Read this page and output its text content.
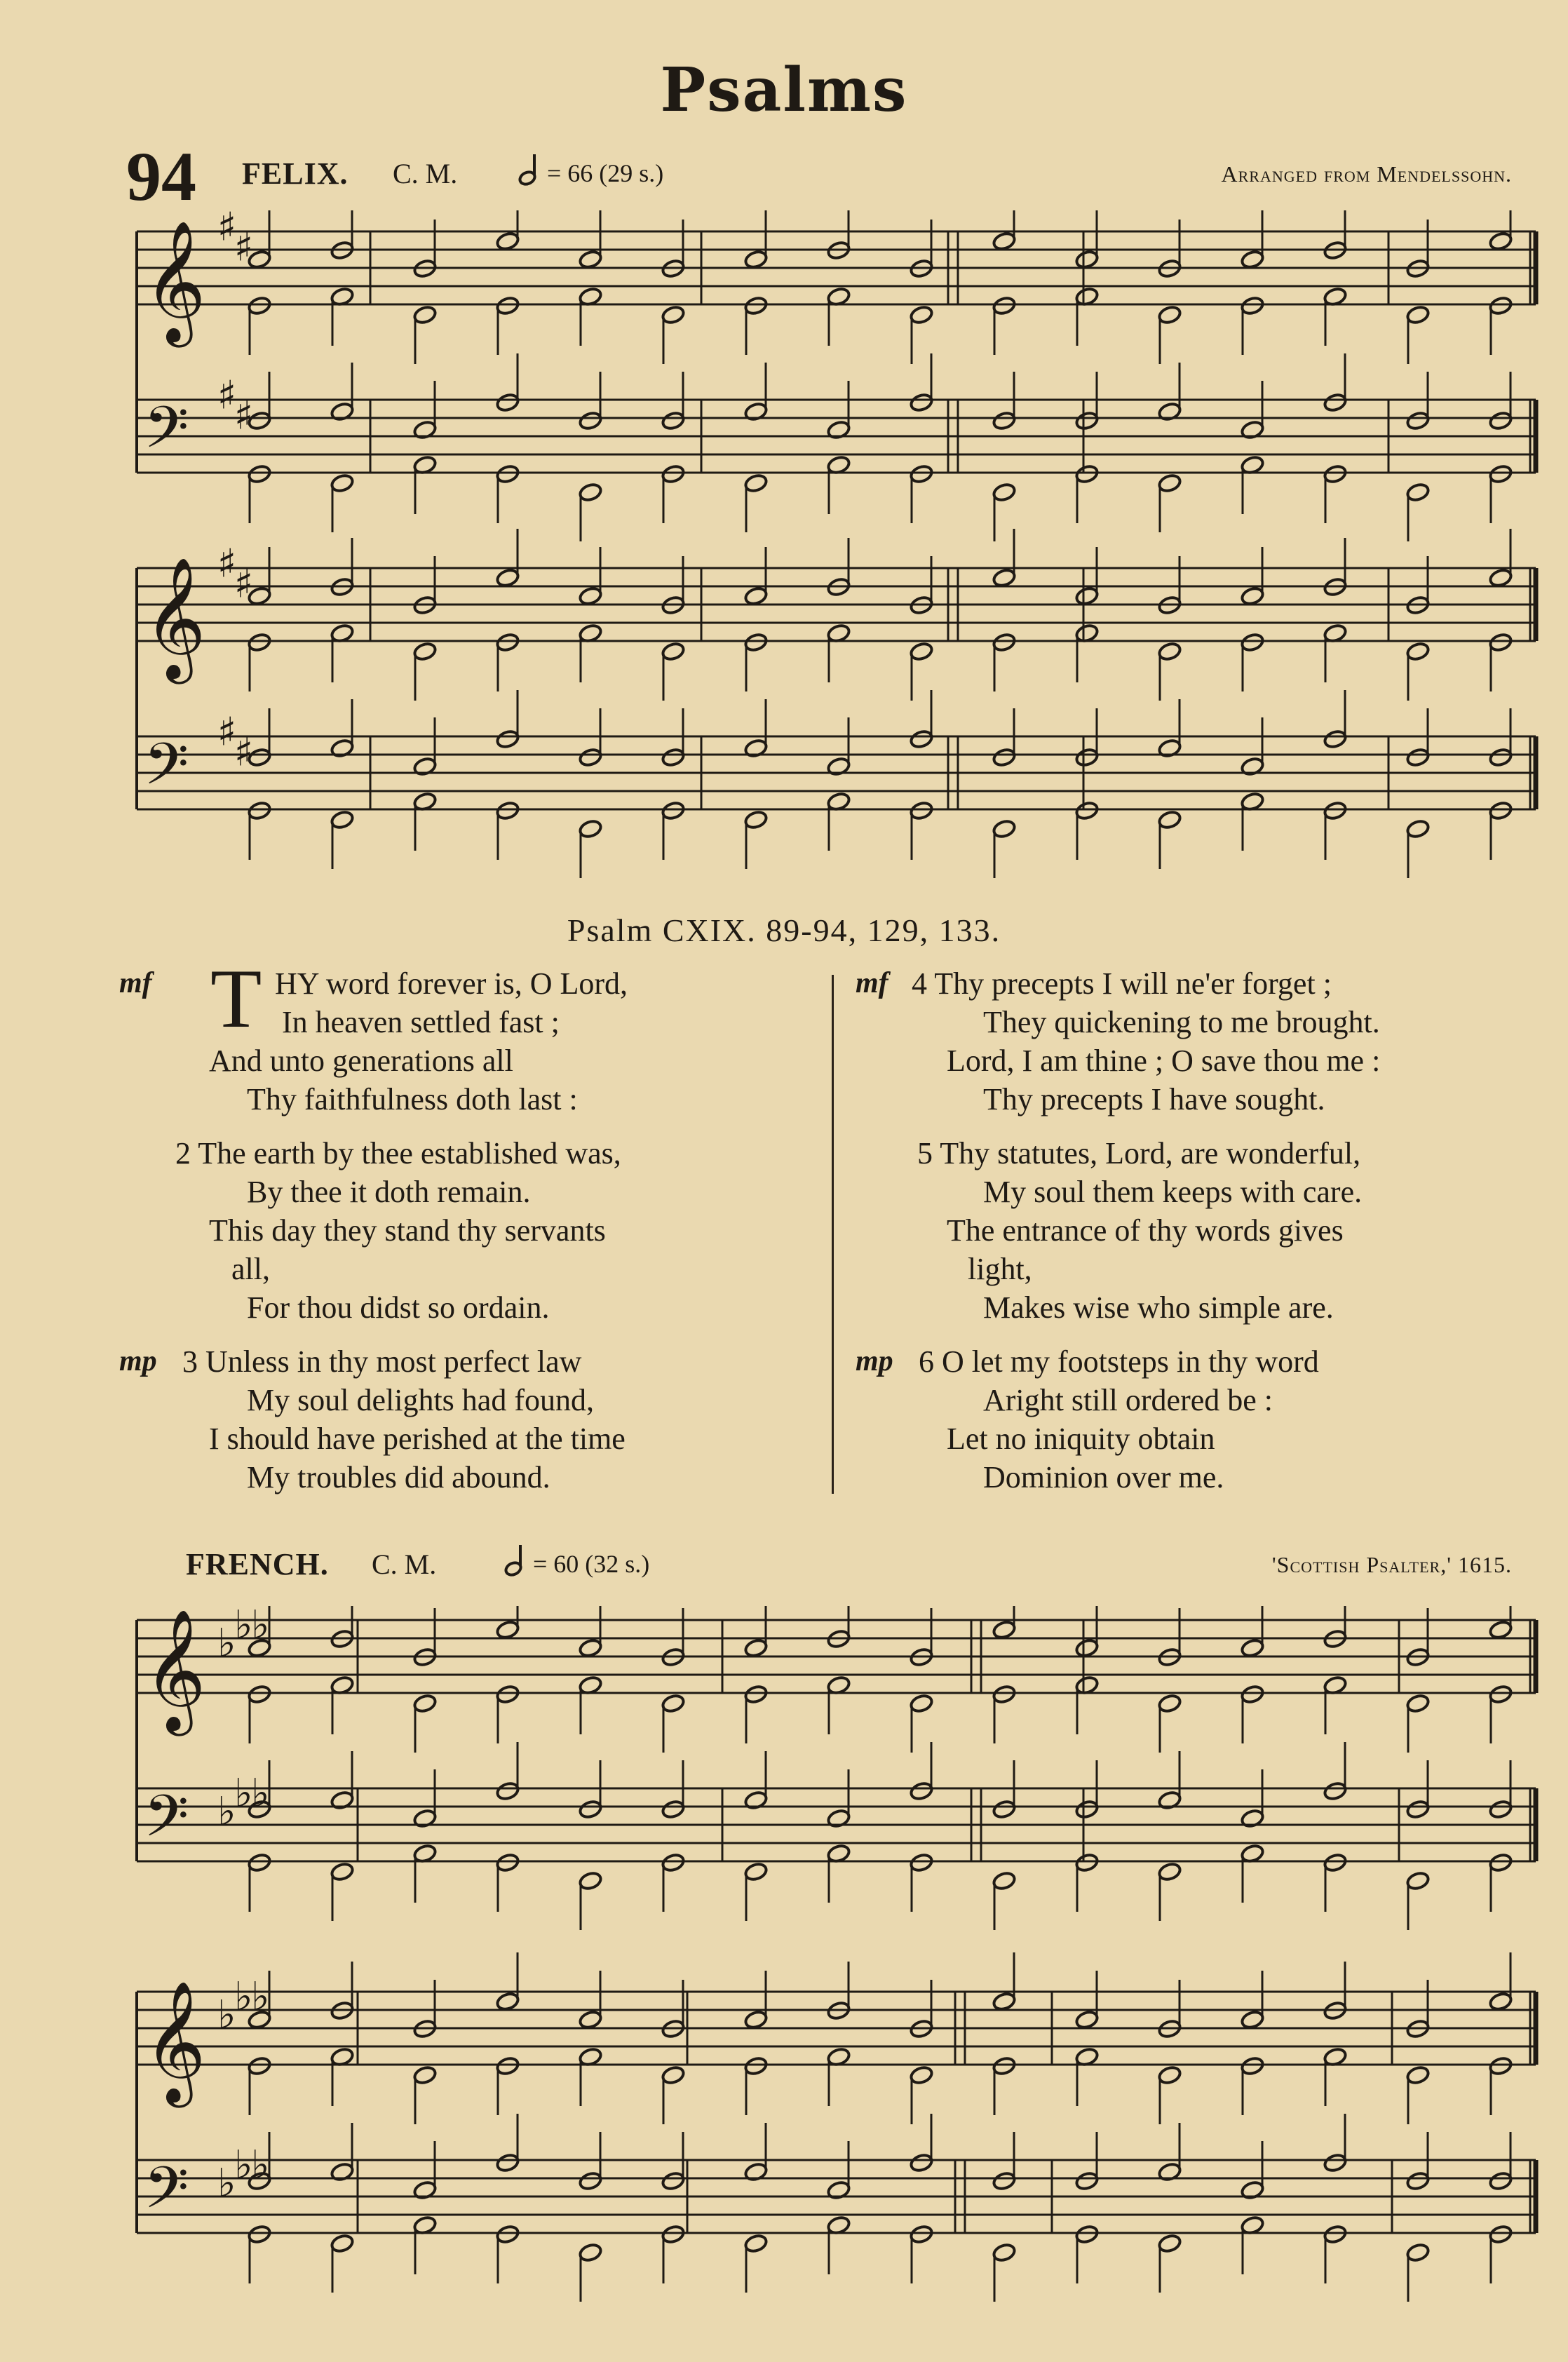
Psalms
94 FELIX. C. M.	= 66 (29 s.)	Arranged from Mendelssohn.
𝄞 ♯
♯
𝄢 ♯
♯
𝄞 ♯
♯
𝄢 ♯
♯
Psalm CXIX. 89-94, 129, 133.
mf T HY word forever is, O Lord,
In heaven settled fast ;
And unto generations all
Thy faithfulness doth last :
2 The earth by thee established was,
By thee it doth remain.
This day they stand thy servants
all,
For thou didst so ordain.
mp 3 Unless in thy most perfect law
My soul delights had found,
I should have perished at the time
My troubles did abound.
mf 4 Thy precepts I will ne'er forget ;
They quickening to me brought.
Lord, I am thine ; O save thou me :
Thy precepts I have sought.
5 Thy statutes, Lord, are wonderful,
My soul them keeps with care.
The entrance of thy words gives
light,
Makes wise who simple are.
mp 6 O let my footsteps in thy word
Aright still ordered be :
Let no iniquity obtain
Dominion over me.
FRENCH. C. M.	= 60 (32 s.)	'Scottish Psalter,' 1615.
𝄞 ♭
♭
♭
𝄢 ♭
♭
♭
𝄞 ♭
♭
♭
𝄢 ♭
♭
♭
